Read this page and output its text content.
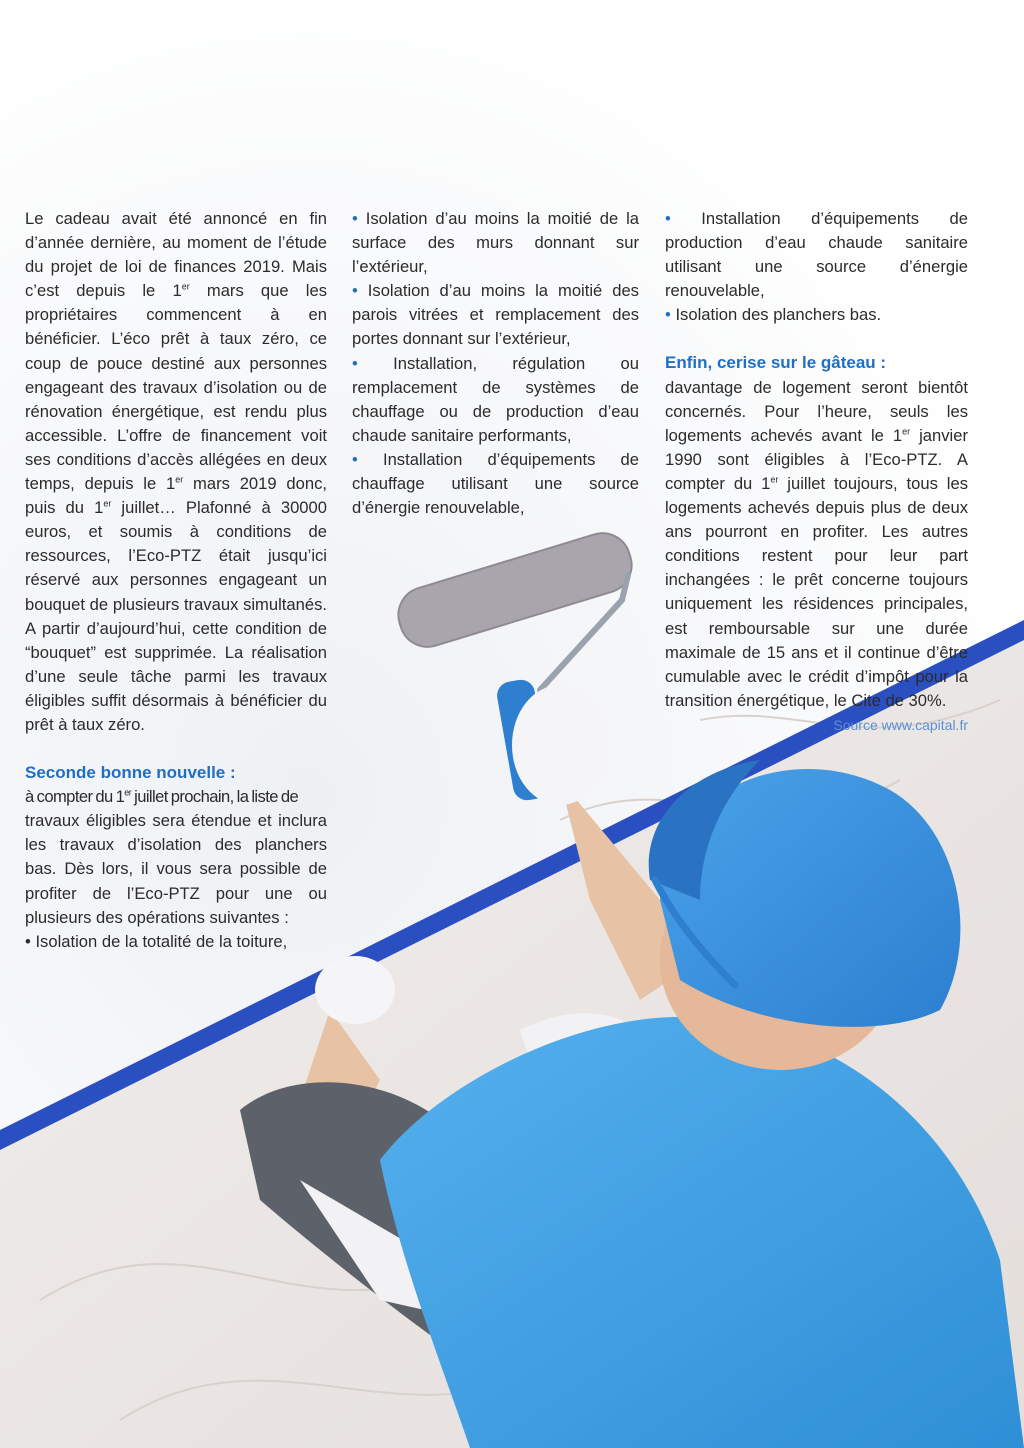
Le cadeau avait été annoncé en fin d’année dernière, au moment de l’étude du projet de loi de finances 2019. Mais c’est depuis le 1er mars que les propriétaires commencent à en bénéficier. L’éco prêt à taux zéro, ce coup de pouce destiné aux personnes engageant des travaux d’isolation ou de rénovation énergétique, est rendu plus accessible. L’offre de financement voit ses conditions d’accès allégées en deux temps, depuis le 1er mars 2019 donc, puis du 1er juillet… Plafonné à 30000 euros, et soumis à conditions de ressources, l’Eco-PTZ était jusqu’ici réservé aux personnes engageant un bouquet de plusieurs travaux simultanés. A partir d’aujourd’hui, cette condition de “bouquet” est supprimée. La réalisation d’une seule tâche parmi les travaux éligibles suffit désormais à bénéficier du prêt à taux zéro.

Seconde bonne nouvelle :

à compter du 1er juillet prochain, la liste de

travaux éligibles sera étendue et inclura les travaux d’isolation des planchers bas. Dès lors, il vous sera possible de profiter de l’Eco-PTZ pour une ou plusieurs des opérations suivantes :

• Isolation de la totalité de la toiture,

• Isolation d’au moins la moitié de la surface des murs donnant sur l’extérieur,

• Isolation d’au moins la moitié des parois vitrées et remplacement des portes donnant sur l’extérieur,

• Installation, régulation ou remplacement de systèmes de chauffage ou de production d’eau chaude sanitaire performants,

• Installation d’équipements de chauffage utilisant une source d’énergie renouvelable,

• Installation d’équipements de production d’eau chaude sanitaire utilisant une source d’énergie renouvelable,

• Isolation des planchers bas.

Enfin, cerise sur le gâteau :

davantage de logement seront bientôt concernés. Pour l’heure, seuls les logements achevés avant le 1er janvier 1990 sont éligibles à l’Eco-PTZ. A compter du 1er juillet toujours, tous les logements achevés depuis plus de deux ans pourront en profiter. Les autres conditions restent pour leur part inchangées : le prêt concerne toujours uniquement les résidences principales, est remboursable sur une durée maximale de 15 ans et il continue d’être cumulable avec le crédit d’impôt pour la transition énergétique, le Cite de 30%.

Source www.capital.fr
